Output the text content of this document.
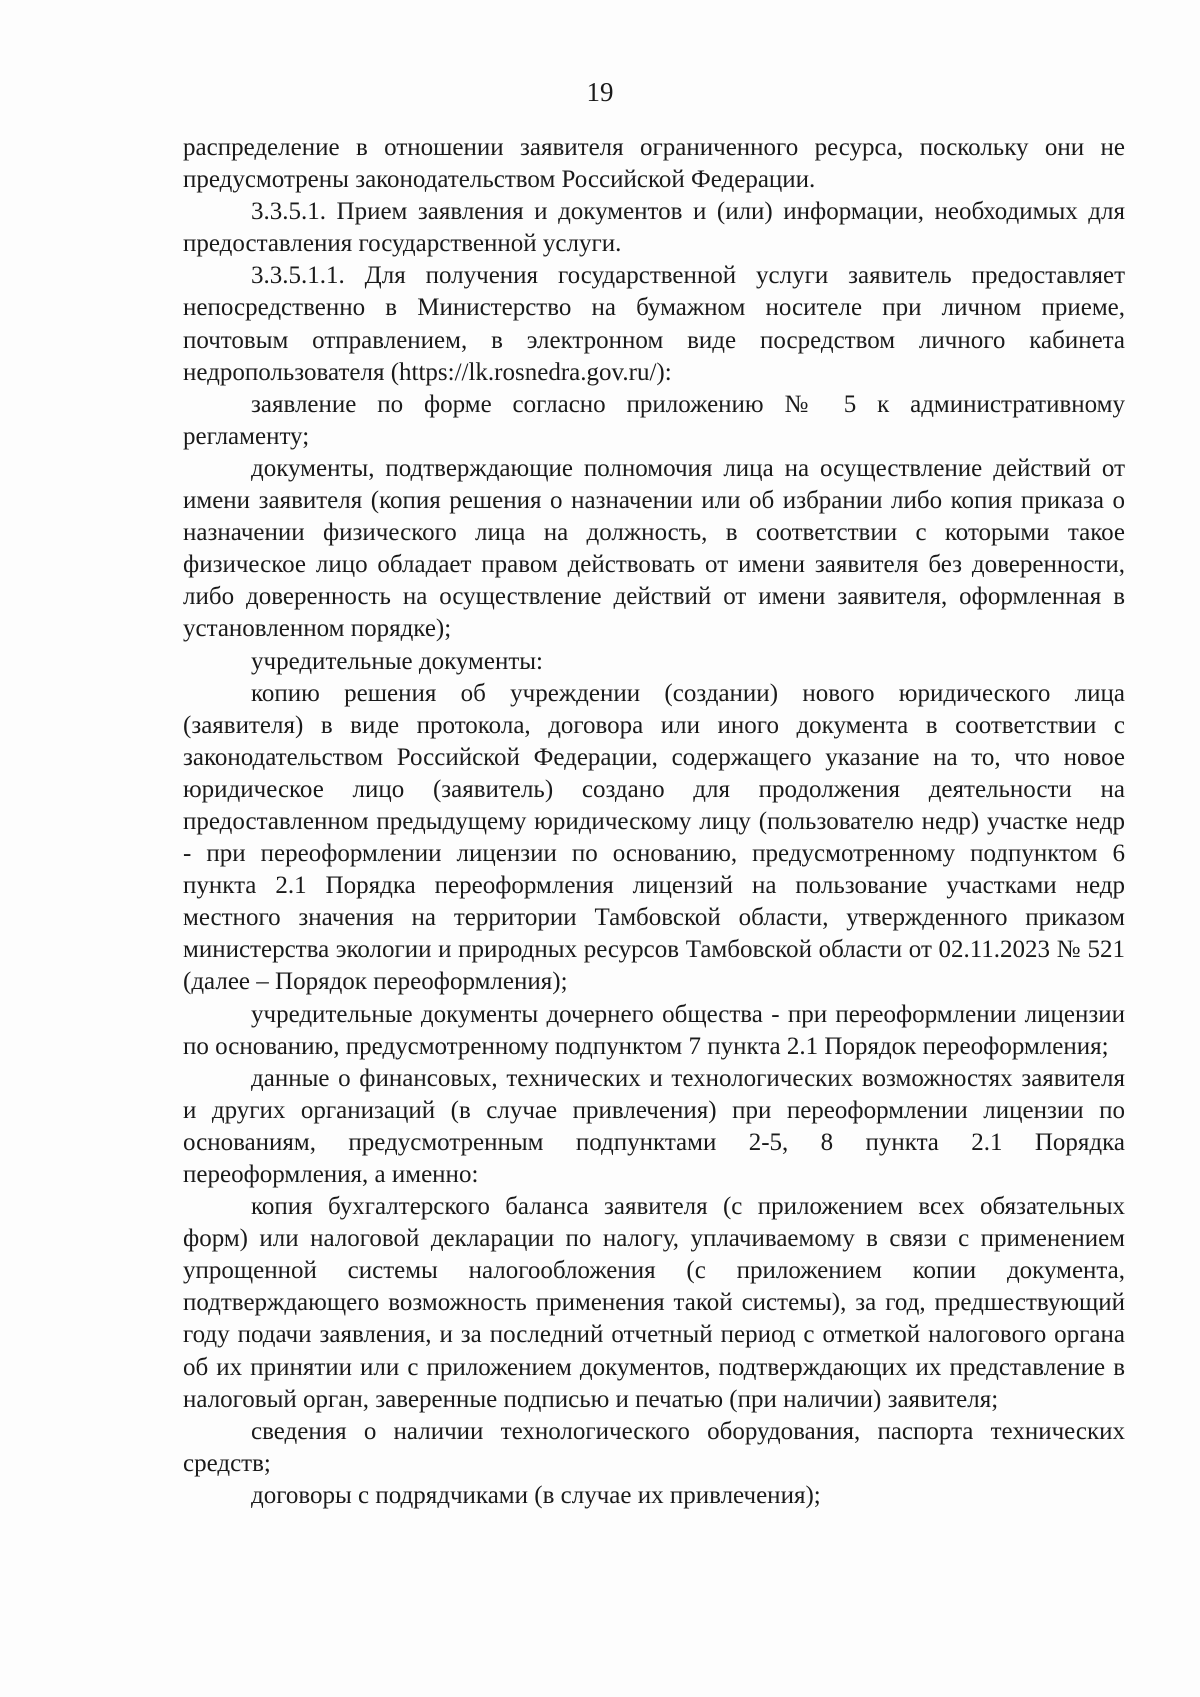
19

распределение в отношении заявителя ограниченного ресурса, поскольку они не предусмотрены законодательством Российской Федерации.

3.3.5.1. Прием заявления и документов и (или) информации, необходимых для предоставления государственной услуги.

3.3.5.1.1. Для получения государственной услуги заявитель предоставляет непосредственно в Министерство на бумажном носителе при личном приеме, почтовым отправлением, в электронном виде посредством личного кабинета недропользователя (https://lk.rosnedra.gov.ru/):

заявление по форме согласно приложению № 5 к административному регламенту;

документы, подтверждающие полномочия лица на осуществление действий от имени заявителя (копия решения о назначении или об избрании либо копия приказа о назначении физического лица на должность, в соответствии с которыми такое физическое лицо обладает правом действовать от имени заявителя без доверенности, либо доверенность на осуществление действий от имени заявителя, оформленная в установленном порядке);

учредительные документы:

копию решения об учреждении (создании) нового юридического лица (заявителя) в виде протокола, договора или иного документа в соответствии с законодательством Российской Федерации, содержащего указание на то, что новое юридическое лицо (заявитель) создано для продолжения деятельности на предоставленном предыдущему юридическому лицу (пользователю недр) участке недр - при переоформлении лицензии по основанию, предусмотренному подпунктом 6 пункта 2.1 Порядка переоформления лицензий на пользование участками недр местного значения на территории Тамбовской области, утвержденного приказом министерства экологии и природных ресурсов Тамбовской области от 02.11.2023 № 521 (далее – Порядок переоформления);

учредительные документы дочернего общества - при переоформлении лицензии по основанию, предусмотренному подпунктом 7 пункта 2.1 Порядок переоформления;

данные о финансовых, технических и технологических возможностях заявителя и других организаций (в случае привлечения) при переоформлении лицензии по основаниям, предусмотренным подпунктами 2-5, 8 пункта 2.1 Порядка переоформления, а именно:

копия бухгалтерского баланса заявителя (с приложением всех обязательных форм) или налоговой декларации по налогу, уплачиваемому в связи с применением упрощенной системы налогообложения (с приложением копии документа, подтверждающего возможность применения такой системы), за год, предшествующий году подачи заявления, и за последний отчетный период с отметкой налогового органа об их принятии или с приложением документов, подтверждающих их представление в налоговый орган, заверенные подписью и печатью (при наличии) заявителя;

сведения о наличии технологического оборудования, паспорта технических средств;

договоры с подрядчиками (в случае их привлечения);
